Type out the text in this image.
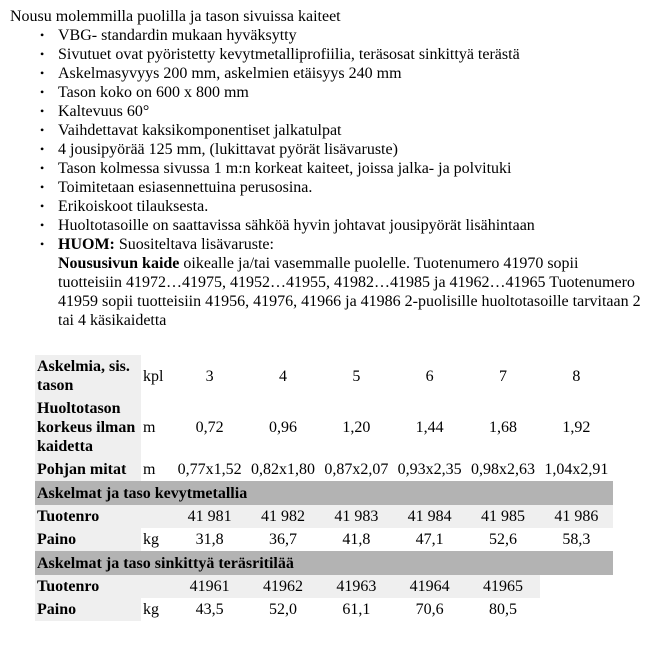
Nousu molemmilla puolilla ja tason sivuissa kaiteet

• VBG- standardin mukaan hyväksytty
• Sivutuet ovat pyöristetty kevytmetalliprofiilia, teräsosat sinkittyä terästä
• Askelmasyvyys 200 mm, askelmien etäisyys 240 mm
• Tason koko on 600 x 800 mm
• Kaltevuus 60°
• Vaihdettavat kaksikomponentiset jalkatulpat
• 4 jousipyörää 125 mm, (lukittavat pyörät lisävaruste)
• Tason kolmessa sivussa 1 m:n korkeat kaiteet, joissa jalka- ja polvituki
• Toimitetaan esiasennettuina perusosina.
• Erikoiskoot tilauksesta.
• Huoltotasoille on saattavissa sähköä hyvin johtavat jousipyörät lisähintaan
• HUOM: Suositeltava lisävaruste:
Noususivun kaide oikealle ja/tai vasemmalle puolelle. Tuotenumero 41970 sopii tuotteisiin 41972…41975, 41952…41955, 41982…41985 ja 41962…41965 Tuotenumero 41959 sopii tuotteisiin 41956, 41976, 41966 ja 41986 2-puolisille huoltotasoille tarvitaan 2 tai 4 käsikaidetta
Askelmia, sis. tason	kpl	3	4	5	6	7	8
Huoltotason korkeus ilman kaidetta	m	0,72	0,96	1,20	1,44	1,68	1,92
Pohjan mitat	m	0,77x1,52	0,82x1,80	0,87x2,07	0,93x2,35	0,98x2,63	1,04x2,91
Askelmat ja taso kevytmetallia							
Tuotenro		41 981	41 982	41 983	41 984	41 985	41 986
Paino	kg	31,8	36,7	41,8	47,1	52,6	58,3
Askelmat ja taso sinkittyä teräsritilää							
Tuotenro		41961	41962	41963	41964	41965	
Paino	kg	43,5	52,0	61,1	70,6	80,5	
